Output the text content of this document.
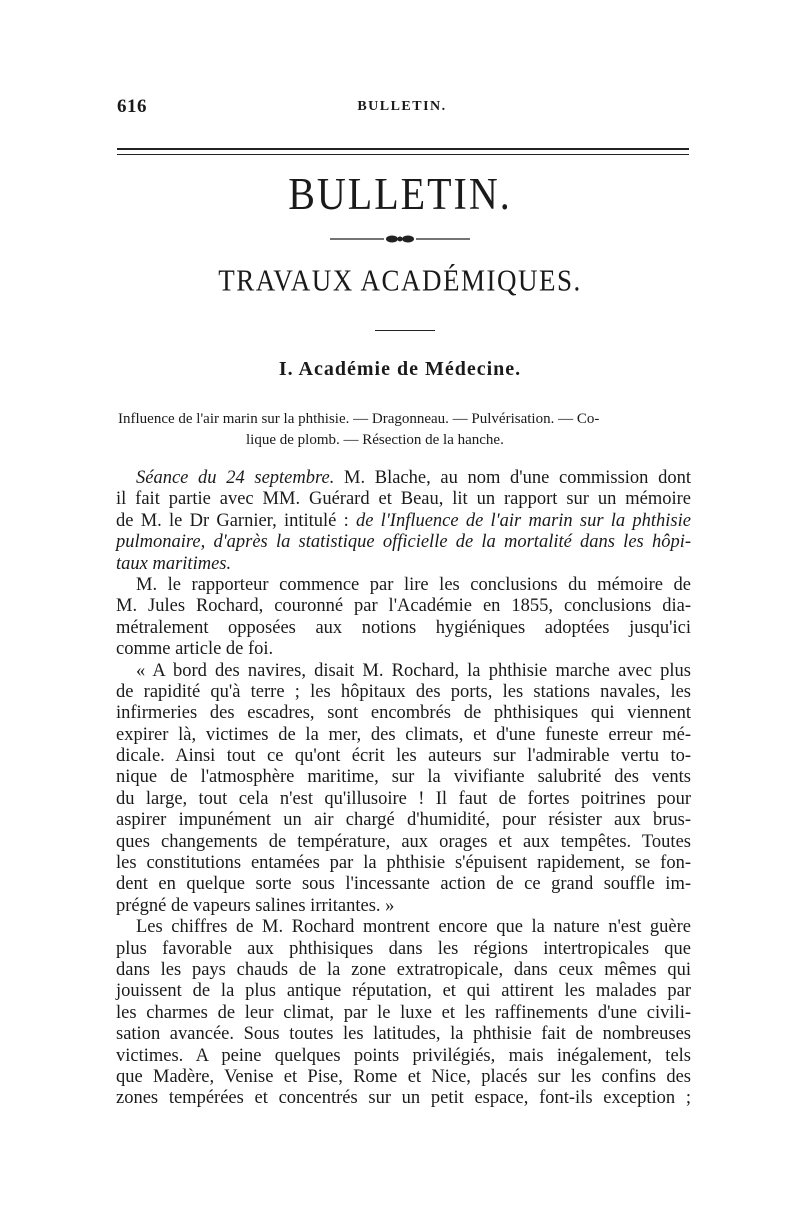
616	BULLETIN.
BULLETIN.
TRAVAUX ACADÉMIQUES.
I. Académie de Médecine.
Influence de l'air marin sur la phthisie. — Dragonneau. — Pulvérisation. — Co-
lique de plomb. — Résection de la hanche.
Séance du 24 septembre. M. Blache, au nom d'une commission dont
il fait partie avec MM. Guérard et Beau, lit un rapport sur un mémoire
de M. le Dr Garnier, intitulé : de l'Influence de l'air marin sur la phthisie
pulmonaire, d'après la statistique officielle de la mortalité dans les hôpi-
taux maritimes.
M. le rapporteur commence par lire les conclusions du mémoire de
M. Jules Rochard, couronné par l'Académie en 1855, conclusions dia-
métralement opposées aux notions hygiéniques adoptées jusqu'ici
comme article de foi.
« A bord des navires, disait M. Rochard, la phthisie marche avec plus
de rapidité qu'à terre ; les hôpitaux des ports, les stations navales, les
infirmeries des escadres, sont encombrés de phthisiques qui viennent
expirer là, victimes de la mer, des climats, et d'une funeste erreur mé-
dicale. Ainsi tout ce qu'ont écrit les auteurs sur l'admirable vertu to-
nique de l'atmosphère maritime, sur la vivifiante salubrité des vents
du large, tout cela n'est qu'illusoire ! Il faut de fortes poitrines pour
aspirer impunément un air chargé d'humidité, pour résister aux brus-
ques changements de température, aux orages et aux tempêtes. Toutes
les constitutions entamées par la phthisie s'épuisent rapidement, se fon-
dent en quelque sorte sous l'incessante action de ce grand souffle im-
prégné de vapeurs salines irritantes. »
Les chiffres de M. Rochard montrent encore que la nature n'est guère
plus favorable aux phthisiques dans les régions intertropicales que
dans les pays chauds de la zone extratropicale, dans ceux mêmes qui
jouissent de la plus antique réputation, et qui attirent les malades par
les charmes de leur climat, par le luxe et les raffinements d'une civili-
sation avancée. Sous toutes les latitudes, la phthisie fait de nombreuses
victimes. A peine quelques points privilégiés, mais inégalement, tels
que Madère, Venise et Pise, Rome et Nice, placés sur les confins des
zones tempérées et concentrés sur un petit espace, font-ils exception ;
